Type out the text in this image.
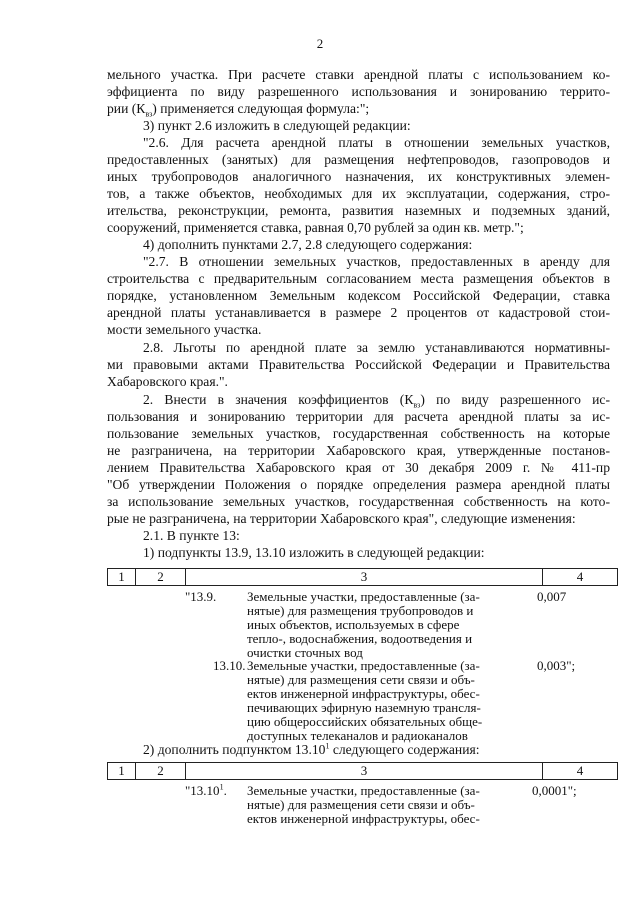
2
мельного участка. При расчете ставки арендной платы с использованием ко-
эффициента по виду разрешенного использования и зонированию террито-
рии $(К_{вз})$ применяется следующая формула:";
3) пункт 2.6 изложить в следующей редакции:
"2.6. Для расчета арендной платы в отношении земельных участков,
предоставленных (занятых) для размещения нефтепроводов, газопроводов и
иных трубопроводов аналогичного назначения, их конструктивных элемен-
тов, а также объектов, необходимых для их эксплуатации, содержания, стро-
ительства, реконструкции, ремонта, развития наземных и подземных зданий,
сооружений, применяется ставка, равная 0,70 рублей за один кв. метр.";
4) дополнить пунктами 2.7, 2.8 следующего содержания:
"2.7. В отношении земельных участков, предоставленных в аренду для
строительства с предварительным согласованием места размещения объектов в
порядке, установленном Земельным кодексом Российской Федерации, ставка
арендной платы устанавливается в размере 2 процентов от кадастровой стои-
мости земельного участка.
2.8. Льготы по арендной плате за землю устанавливаются нормативны-
ми правовыми актами Правительства Российской Федерации и Правительства
Хабаровского края.".
2. Внести в значения коэффициентов $(К_{вз})$ по виду разрешенного ис-
пользования и зонированию территории для расчета арендной платы за ис-
пользование земельных участков, государственная собственность на которые
не разграничена, на территории Хабаровского края, утвержденные постанов-
лением Правительства Хабаровского края от 30 декабря 2009 г. № 411-пр
"Об утверждении Положения о порядке определения размера арендной платы
за использование земельных участков, государственная собственность на кото-
рые не разграничена, на территории Хабаровского края", следующие изменения:
2.1. В пункте 13:
1) подпункты 13.9, 13.10 изложить в следующей редакции:
1	2	3	4
"13.9.	Земельные участки, предоставленные (за-
нятые) для размещения трубопроводов и
иных объектов, используемых в сфере
тепло-, водоснабжения, водоотведения и
очистки сточных вод
0,007
13.10. Земельные участки, предоставленные (за-
нятые) для размещения сети связи и объ-
ектов инженерной инфраструктуры, обес-
печивающих эфирную наземную трансля-
цию общероссийских обязательных обще-
доступных телеканалов и радиоканалов
0,003";
2) дополнить подпунктом 13.10$^1$ следующего содержания:
1	2	3	4
"13.10$^1$.	Земельные участки, предоставленные (за-
нятые) для размещения сети связи и объ-
ектов инженерной инфраструктуры, обес-
0,0001";
